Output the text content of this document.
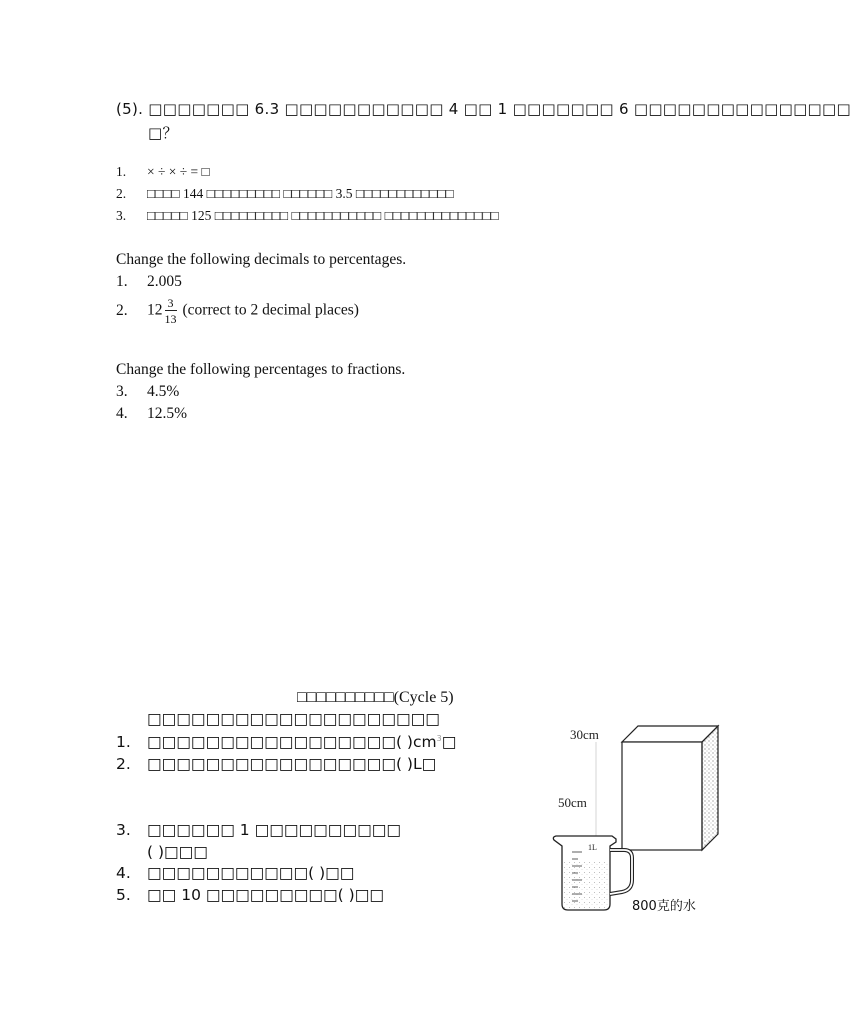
(5). □□□□□□□ 6.3 □□□□□□□□□□□ 4 □□ 1 □□□□□□□ 6 □□□□□□□□□□□□□□□
□？
1. × ÷ × ÷ = □
2. □□□□ 144 □□□□□□□□□ □□□□□□ 3.5 □□□□□□□□□□□□
3. □□□□□ 125 □□□□□□□□□ □□□□□□□□□□□ □□□□□□□□□□□□□□
Change the following decimals to percentages.
1. 2.005
2. $12 \frac{3}{13}$ (correct to 2 decimal places)
Change the following percentages to fractions.
3. 4.5%
4. 12.5%
□□□□□□□□□□(Cycle 5)
□□□□□□□□□□□□□□□□□□□□
1. □□□□□□□□□□□□□□□□□( )$cm^3□$
2. □□□□□□□□□□□□□□□□□( )L□
3. □□□□□□ 1 □□□□□□□□□□
( )□□□
4. □□□□□□□□□□□( )□□
5. □□ 10 □□□□□□□□□( )□□
30cm
50cm
1L
800克的水
